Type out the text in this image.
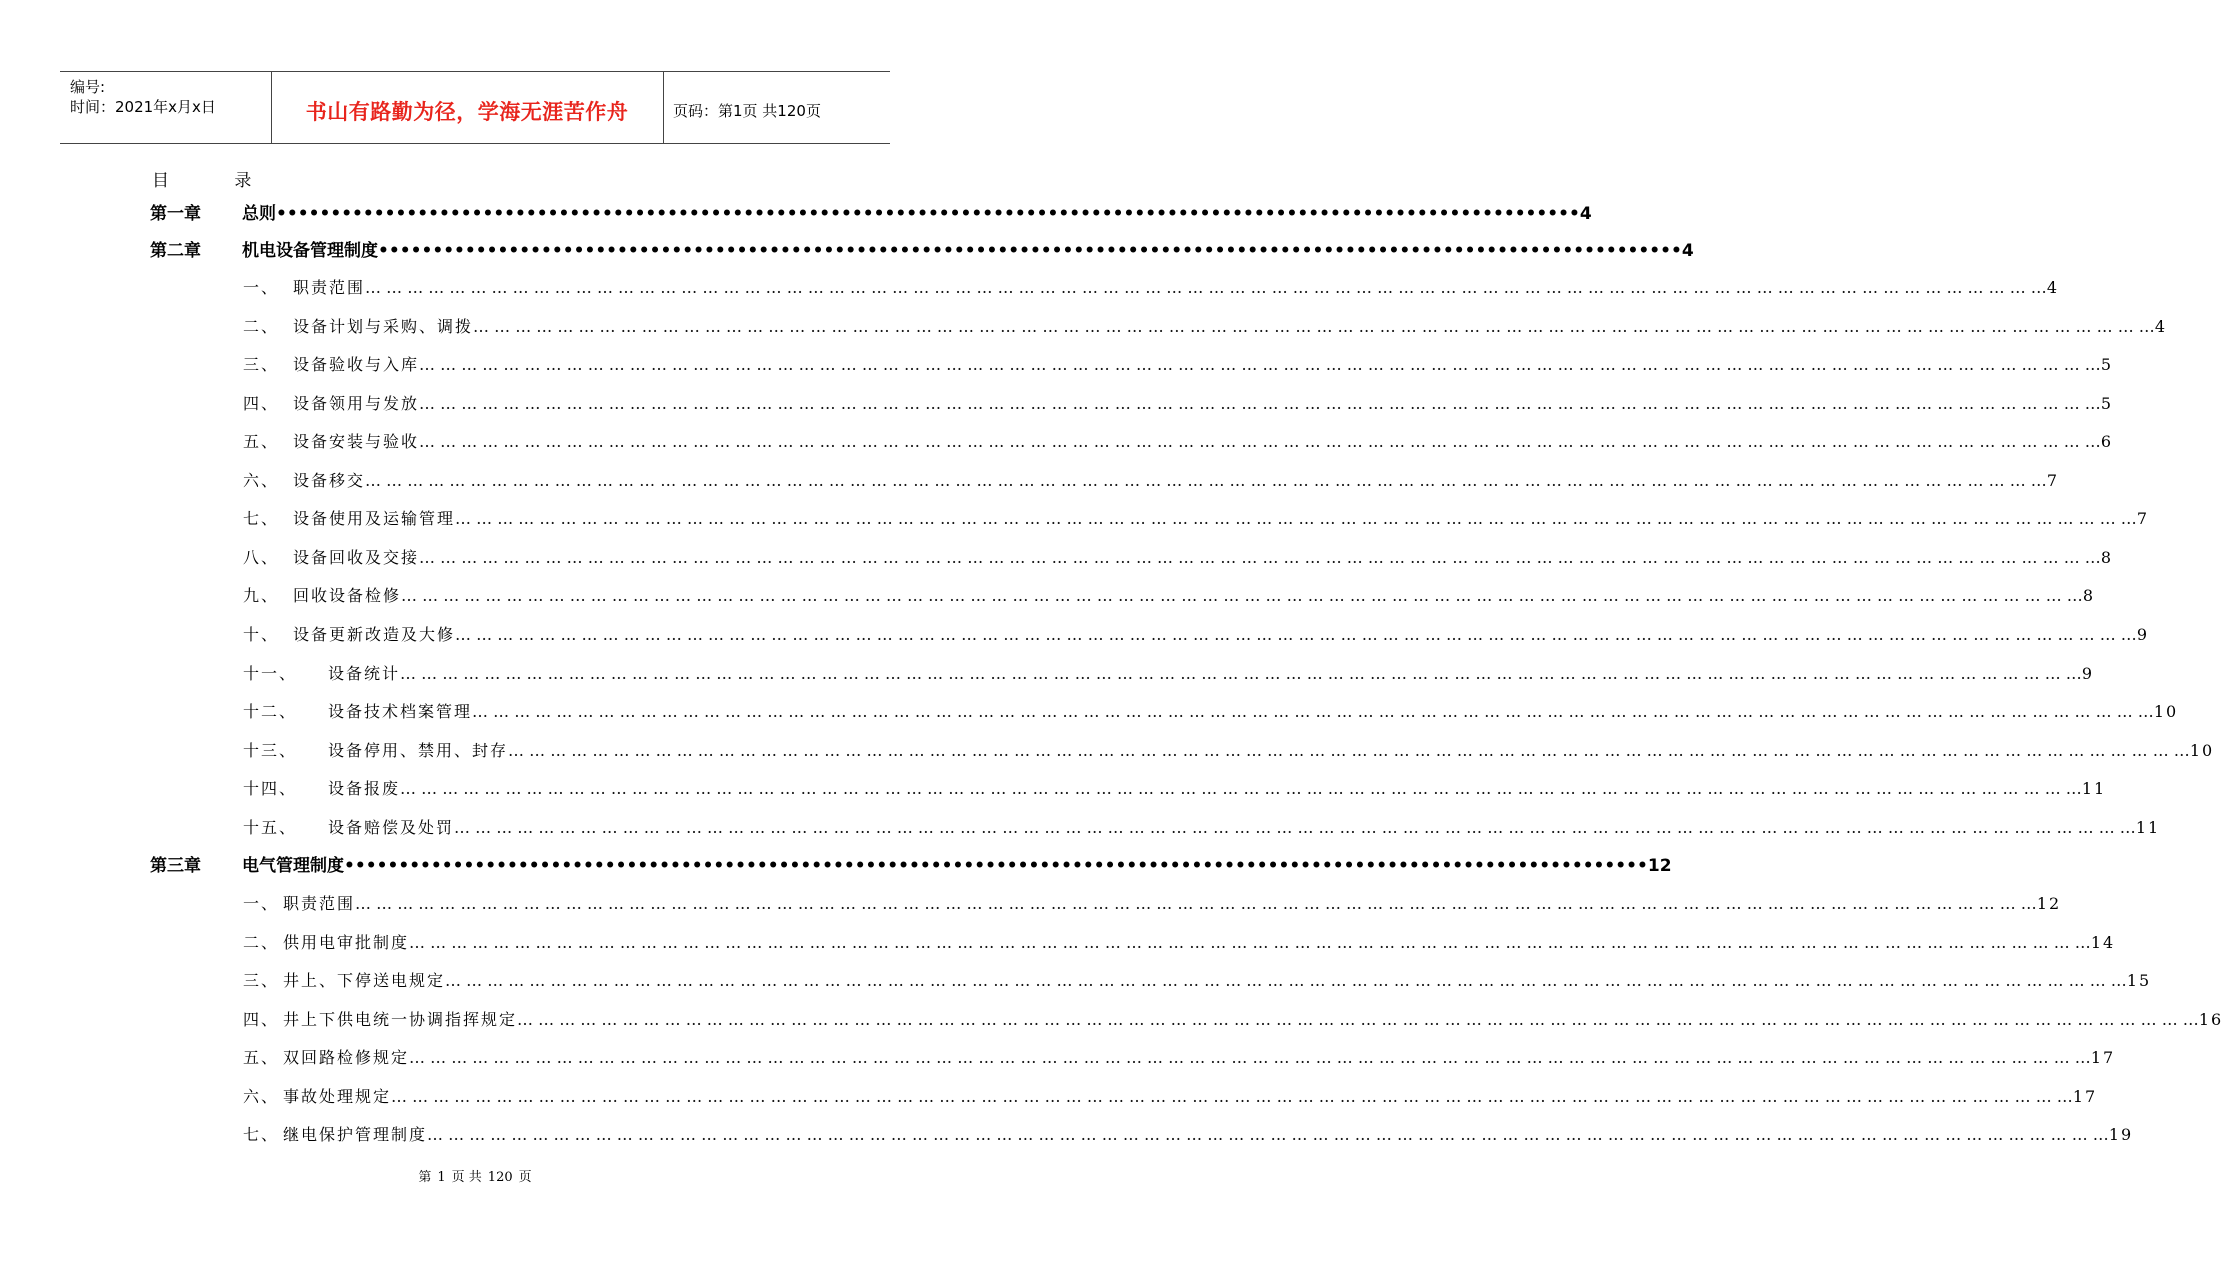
编号:
时间：2021年x月x日	书山有路勤为径，学海无涯苦作舟	页码：第1页 共120页
目 录
第一章	总则 •••••••••••••••••••••••••••••••••••••••••••••••••••••••••••••••••••••••••••••••••••••••••••••••••••••••••••••••••••••••• 4
第二章	机电设备管理制度 •••••••••••••••••••••••••••••••••••••••••••••••••••••••••••••••••••••••••••••••••••••••••••••••••••••••••••••••••••••••• 4
一、 职责范围 … … … … … … … … … … … … … … … … … … … … … … … … … … … … … … … … … … … … … … … … … … … … … … … … … … … … … … … … … … … … … … … … … … … … … … … … … … … … … … … … 4
二、 设备计划与采购、调拨 … … … … … … … … … … … … … … … … … … … … … … … … … … … … … … … … … … … … … … … … … … … … … … … … … … … … … … … … … … … … … … … … … … … … … … … … … … … … … … … … 4
三、 设备验收与入库 … … … … … … … … … … … … … … … … … … … … … … … … … … … … … … … … … … … … … … … … … … … … … … … … … … … … … … … … … … … … … … … … … … … … … … … … … … … … … … … … 5
四、 设备领用与发放 … … … … … … … … … … … … … … … … … … … … … … … … … … … … … … … … … … … … … … … … … … … … … … … … … … … … … … … … … … … … … … … … … … … … … … … … … … … … … … … … 5
五、 设备安装与验收 … … … … … … … … … … … … … … … … … … … … … … … … … … … … … … … … … … … … … … … … … … … … … … … … … … … … … … … … … … … … … … … … … … … … … … … … … … … … … … … … 6
六、 设备移交 … … … … … … … … … … … … … … … … … … … … … … … … … … … … … … … … … … … … … … … … … … … … … … … … … … … … … … … … … … … … … … … … … … … … … … … … … … … … … … … … 7
七、 设备使用及运输管理 … … … … … … … … … … … … … … … … … … … … … … … … … … … … … … … … … … … … … … … … … … … … … … … … … … … … … … … … … … … … … … … … … … … … … … … … … … … … … … … … 7
八、 设备回收及交接 … … … … … … … … … … … … … … … … … … … … … … … … … … … … … … … … … … … … … … … … … … … … … … … … … … … … … … … … … … … … … … … … … … … … … … … … … … … … … … … … 8
九、 回收设备检修 … … … … … … … … … … … … … … … … … … … … … … … … … … … … … … … … … … … … … … … … … … … … … … … … … … … … … … … … … … … … … … … … … … … … … … … … … … … … … … … … 8
十、 设备更新改造及大修 … … … … … … … … … … … … … … … … … … … … … … … … … … … … … … … … … … … … … … … … … … … … … … … … … … … … … … … … … … … … … … … … … … … … … … … … … … … … … … … … 9
十一、	设备统计 … … … … … … … … … … … … … … … … … … … … … … … … … … … … … … … … … … … … … … … … … … … … … … … … … … … … … … … … … … … … … … … … … … … … … … … … … … … … … … … … 9
十二、	设备技术档案管理 … … … … … … … … … … … … … … … … … … … … … … … … … … … … … … … … … … … … … … … … … … … … … … … … … … … … … … … … … … … … … … … … … … … … … … … … … … … … … … … … 10
十三、	设备停用、禁用、封存 … … … … … … … … … … … … … … … … … … … … … … … … … … … … … … … … … … … … … … … … … … … … … … … … … … … … … … … … … … … … … … … … … … … … … … … … … … … … … … … … 10
十四、	设备报废 … … … … … … … … … … … … … … … … … … … … … … … … … … … … … … … … … … … … … … … … … … … … … … … … … … … … … … … … … … … … … … … … … … … … … … … … … … … … … … … … 11
十五、	设备赔偿及处罚 … … … … … … … … … … … … … … … … … … … … … … … … … … … … … … … … … … … … … … … … … … … … … … … … … … … … … … … … … … … … … … … … … … … … … … … … … … … … … … … … 11
第三章	电气管理制度 •••••••••••••••••••••••••••••••••••••••••••••••••••••••••••••••••••••••••••••••••••••••••••••••••••••••••••••••••••••••• 12
一、 职责范围 … … … … … … … … … … … … … … … … … … … … … … … … … … … … … … … … … … … … … … … … … … … … … … … … … … … … … … … … … … … … … … … … … … … … … … … … … … … … … … … … 12
二、 供用电审批制度 … … … … … … … … … … … … … … … … … … … … … … … … … … … … … … … … … … … … … … … … … … … … … … … … … … … … … … … … … … … … … … … … … … … … … … … … … … … … … … … … 14
三、 井上、下停送电规定 … … … … … … … … … … … … … … … … … … … … … … … … … … … … … … … … … … … … … … … … … … … … … … … … … … … … … … … … … … … … … … … … … … … … … … … … … … … … … … … … 15
四、 井上下供电统一协调指挥规定 … … … … … … … … … … … … … … … … … … … … … … … … … … … … … … … … … … … … … … … … … … … … … … … … … … … … … … … … … … … … … … … … … … … … … … … … … … … … … … … … 16
五、 双回路检修规定 … … … … … … … … … … … … … … … … … … … … … … … … … … … … … … … … … … … … … … … … … … … … … … … … … … … … … … … … … … … … … … … … … … … … … … … … … … … … … … … … 17
六、 事故处理规定 … … … … … … … … … … … … … … … … … … … … … … … … … … … … … … … … … … … … … … … … … … … … … … … … … … … … … … … … … … … … … … … … … … … … … … … … … … … … … … … … 17
七、 继电保护管理制度 … … … … … … … … … … … … … … … … … … … … … … … … … … … … … … … … … … … … … … … … … … … … … … … … … … … … … … … … … … … … … … … … … … … … … … … … … … … … … … … … 19
第 1 页 共 120 页
